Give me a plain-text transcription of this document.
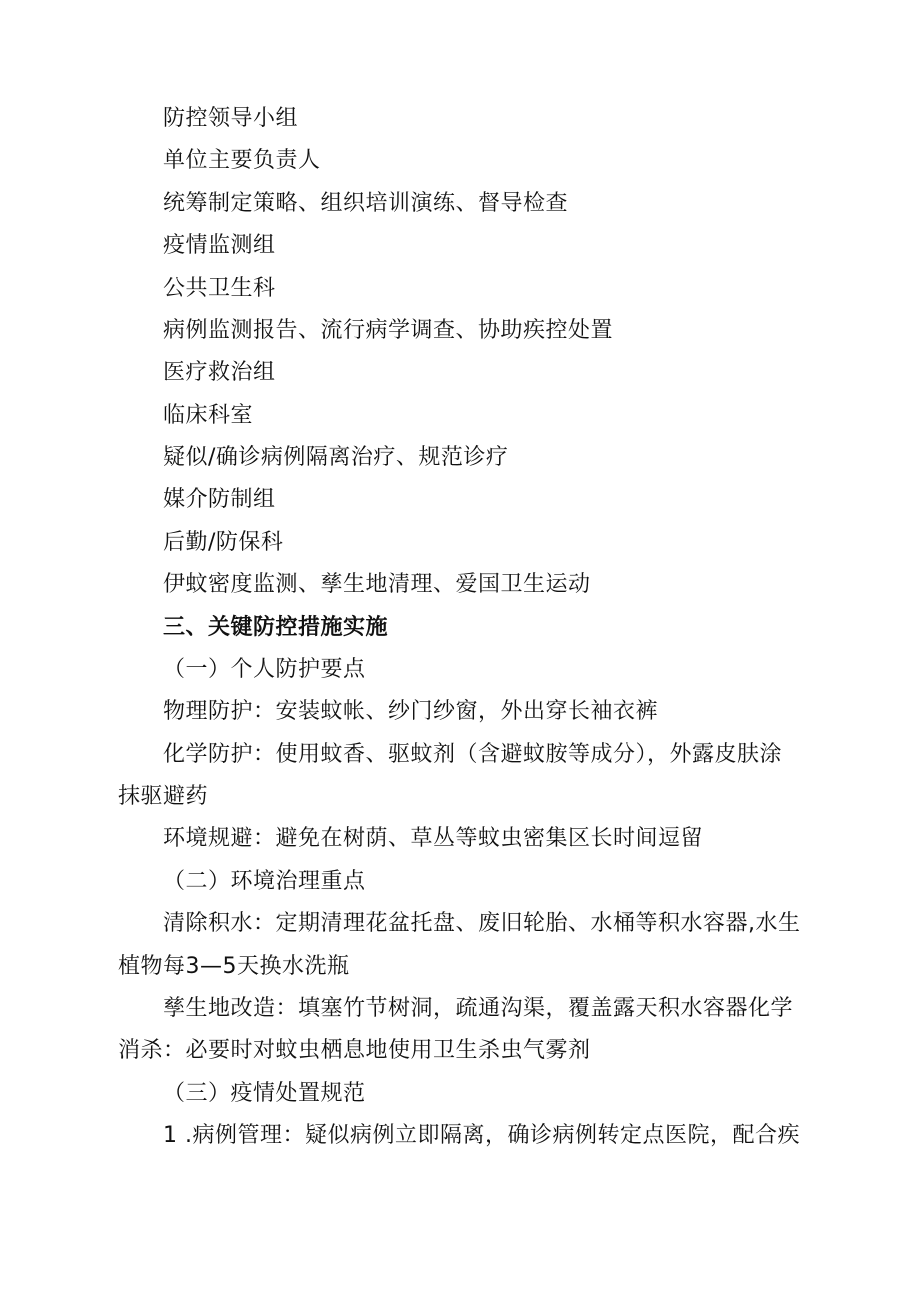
防控领导小组
单位主要负责人
统筹制定策略、组织培训演练、督导检查
疫情监测组
公共卫生科
病例监测报告、流行病学调查、协助疾控处置
医疗救治组
临床科室
疑似/确诊病例隔离治疗、规范诊疗
媒介防制组
后勤/防保科
伊蚊密度监测、孳生地清理、爱国卫生运动
三、关键防控措施实施
（一）个人防护要点
物理防护：安装蚊帐、纱门纱窗，外出穿长袖衣裤
化学防护：使用蚊香、驱蚊剂（含避蚊胺等成分），外露皮肤涂
抹驱避药
环境规避：避免在树荫、草丛等蚊虫密集区长时间逗留
（二）环境治理重点
清除积水：定期清理花盆托盘、废旧轮胎、水桶等积水容器,水生
植物每3—5天换水洗瓶
孳生地改造：填塞竹节树洞，疏通沟渠，覆盖露天积水容器化学
消杀：必要时对蚊虫栖息地使用卫生杀虫气雾剂
（三）疫情处置规范
1 .病例管理：疑似病例立即隔离，确诊病例转定点医院，配合疾
